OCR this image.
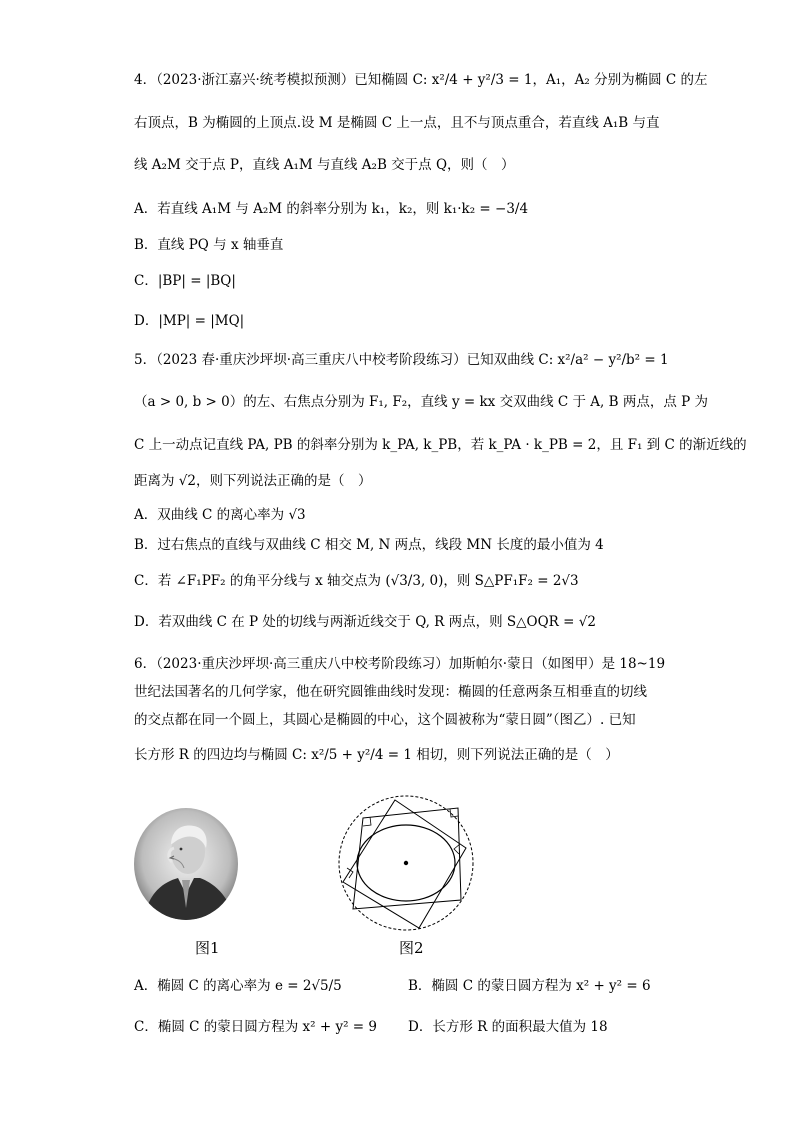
4．（2023·浙江嘉兴·统考模拟预测）已知椭圆 C: x²/4 + y²/3 = 1，A₁，A₂ 分别为椭圆 C 的左
右顶点，B 为椭圆的上顶点.设 M 是椭圆 C 上一点，且不与顶点重合，若直线 A₁B 与直
线 A₂M 交于点 P，直线 A₁M 与直线 A₂B 交于点 Q，则（　）
A．若直线 A₁M 与 A₂M 的斜率分别为 k₁，k₂，则 k₁·k₂ = −3/4
B．直线 PQ 与 x 轴垂直
C．|BP| = |BQ|
D．|MP| = |MQ|
5．（2023 春·重庆沙坪坝·高三重庆八中校考阶段练习）已知双曲线 C: x²/a² − y²/b² = 1
（a > 0, b > 0）的左、右焦点分别为 F₁, F₂，直线 y = kx 交双曲线 C 于 A, B 两点，点 P 为
C 上一动点记直线 PA, PB 的斜率分别为 k_PA, k_PB，若 k_PA · k_PB = 2，且 F₁ 到 C 的渐近线的
距离为 √2，则下列说法正确的是（　）
A．双曲线 C 的离心率为 √3
B．过右焦点的直线与双曲线 C 相交 M, N 两点，线段 MN 长度的最小值为 4
C．若 ∠F₁PF₂ 的角平分线与 x 轴交点为 (√3/3, 0)，则 S△PF₁F₂ = 2√3
D．若双曲线 C 在 P 处的切线与两渐近线交于 Q, R 两点，则 S△OQR = √2
6．（2023·重庆沙坪坝·高三重庆八中校考阶段练习）加斯帕尔·蒙日（如图甲）是 18~19
世纪法国著名的几何学家，他在研究圆锥曲线时发现：椭圆的任意两条互相垂直的切线
的交点都在同一个圆上，其圆心是椭圆的中心，这个圆被称为“蒙日圆”（图乙）. 已知
长方形 R 的四边均与椭圆 C: x²/5 + y²/4 = 1 相切，则下列说法正确的是（　）
图1	图2
A．椭圆 C 的离心率为 e = 2√5/5	B．椭圆 C 的蒙日圆方程为 x² + y² = 6
C．椭圆 C 的蒙日圆方程为 x² + y² = 9 D．长方形 R 的面积最大值为 18
